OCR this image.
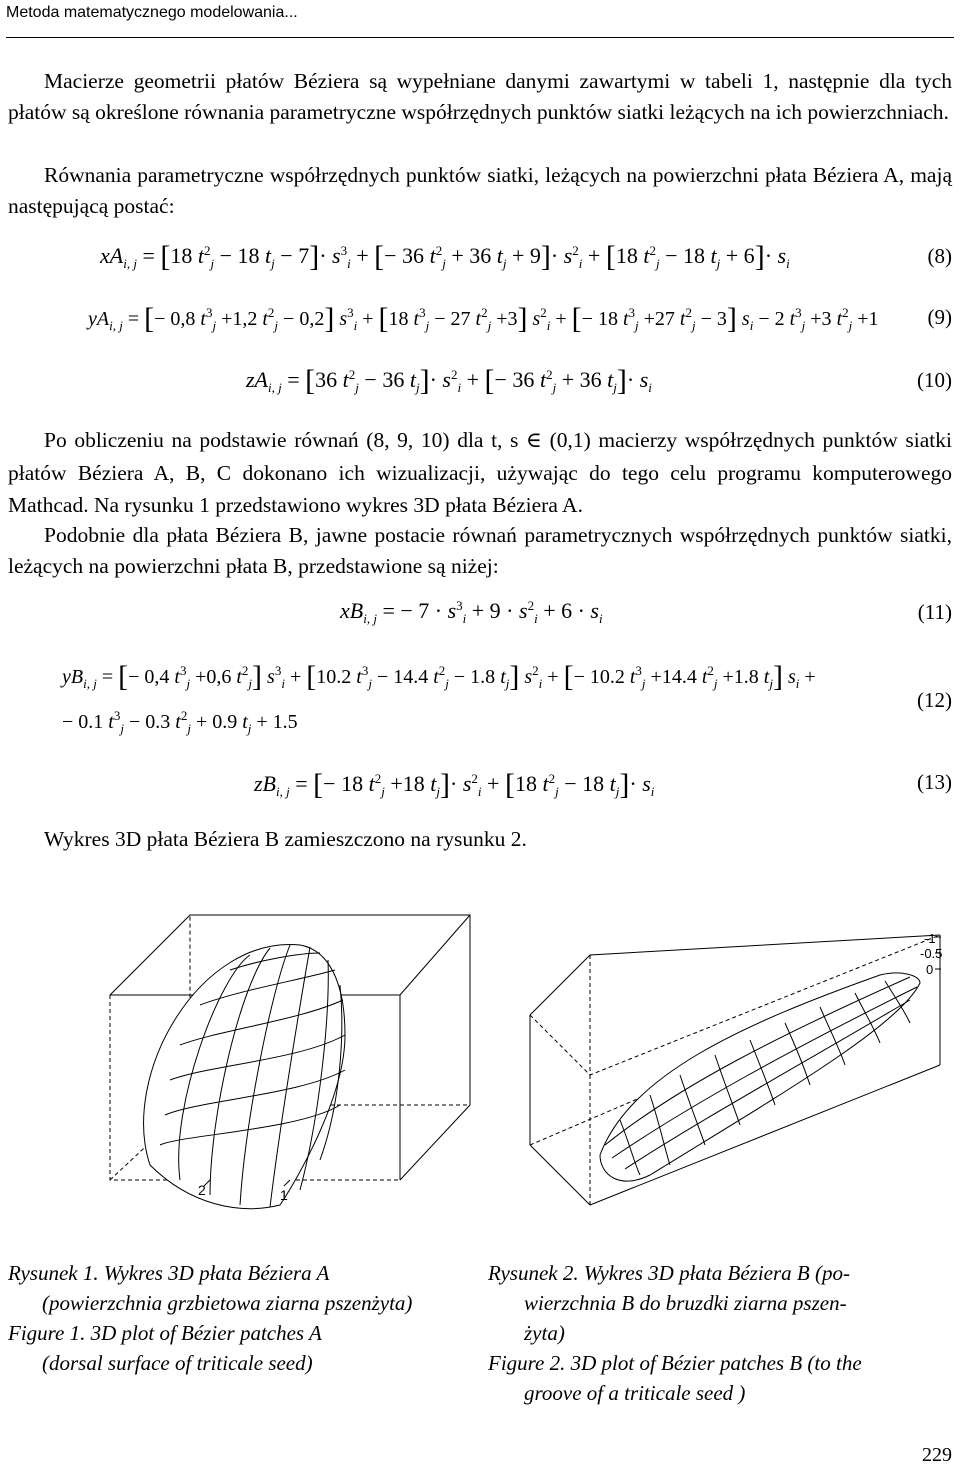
Metoda matematycznego modelowania...
Macierze geometrii płatów Béziera są wypełniane danymi zawartymi w tabeli 1, następnie dla tych płatów są określone równania parametryczne współrzędnych punktów siatki leżących na ich powierzchniach.
Równania parametryczne współrzędnych punktów siatki, leżących na powierzchni płata Béziera A, mają następującą postać:
$xA_{i, j} = [18$ $t^2_j - 18$ $t_j - 7]\cdot s^3_i$ + [− 36 $t^2_j + 36$ $t_j + 9]\cdot s^2_i + [18$ $t^2_j - 18$ $t_j + 6]\cdot s_i$	(8)
$yA_{i, j}$ = [− 0,8 $t^3_j +1,2$ $t^2_j - 0,2$] $s^3_i + [18$ $t^3_j - 27$ $t^2_j +3$] $s^2_i$ + [− 18 $t^3_j +27$ $t^2_j - 3$] $s_i - 2$ $t^3_j +3$ $t^2_j +1$ (9)
$zA_{i, j} = [36$ $t^2_j - 36$ $t_j]\cdot s^2_i$ + [− 36 $t^2_j + 36$ $t_j]\cdot s_i$	(10)
Po obliczeniu na podstawie równań (8, 9, 10) dla t, s ∈ (0,1) macierzy współrzędnych punktów siatki płatów Béziera A, B, C dokonano ich wizualizacji, używając do tego celu programu komputerowego Mathcad. Na rysunku 1 przedstawiono wykres 3D płata Béziera A.
Podobnie dla płata Béziera B, jawne postacie równań parametrycznych współrzędnych punktów siatki, leżących na powierzchni płata B, przedstawione są niżej:
$xB_{i, j}$ = − $7 \cdot s^3_i + 9 \cdot s^2_i + 6 \cdot s_i$	(11)
$yB_{i, j}$ = [− 0,4 $t^3_j +0,6$ $t^2_j$] $s^3_i + [10.2$ $t^3_j - 14.4$ $t^2_j - 1.8$ $t_j$] $s^2_i$ + [− 10.2 $t^3_j +14.4$ $t^2_j +1.8$ $t_j$] $s_i$ +
− 0.1 $t^3_j - 0.3$ $t^2_j + 0.9$ $t_j + 1.5$
(12)
$zB_{i, j}$ = [− 18 $t^2_j +18$ $t_j]\cdot s^2_i + [18$ $t^2_j - 18$ $t_j]\cdot s_i$	(13)
Wykres 3D płata Béziera B zamieszczono na rysunku 2.
1
2
-1
-0.5
0
Rysunek 1. Wykres 3D płata Béziera A
(powierzchnia grzbietowa ziarna pszenżyta)
Figure 1. 3D plot of Bézier patches A
(dorsal surface of triticale seed)
Rysunek 2. Wykres 3D płata Béziera B (po-
wierzchnia B do bruzdki ziarna pszen-
żyta)
Figure 2. 3D plot of Bézier patches B (to the
groove of a triticale seed )
229
